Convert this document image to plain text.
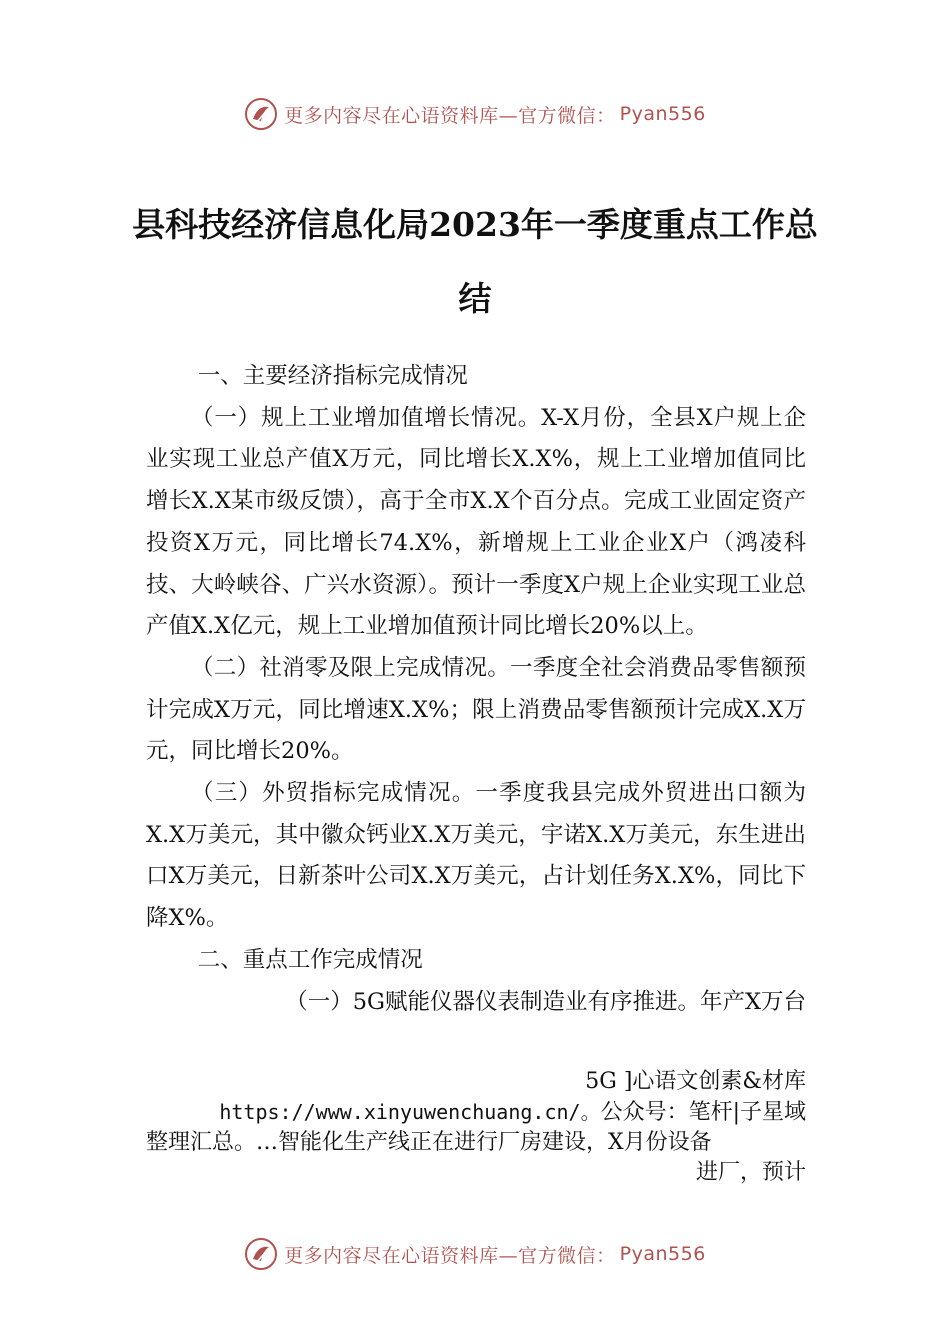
更多内容尽在心语资料库—官方微信： Pyan556
县科技经济信息化局2023年一季度重点工作总结

一、主要经济指标完成情况

（一）规上工业增加值增长情况。X-X月份，全县X户规上企业实现工业总产值X万元，同比增长X.X%，规上工业增加值同比增长X.X某市级反馈），高于全市X.X个百分点。完成工业固定资产投资X万元，同比增长74.X%，新增规上工业企业X户（鸿凌科技、大岭峡谷、广兴水资源）。预计一季度X户规上企业实现工业总产值X.X亿元，规上工业增加值预计同比增长20%以上。

（二）社消零及限上完成情况。一季度全社会消费品零售额预计完成X万元，同比增速X.X%；限上消费品零售额预计完成X.X万元，同比增长20%。

（三）外贸指标完成情况。一季度我县完成外贸进出口额为X.X万美元，其中徽众钙业X.X万美元，宇诺X.X万美元，东生进出口X万美元，日新茶叶公司X.X万美元，占计划任务X.X%，同比下降X%。

二、重点工作完成情况

（一）5G赋能仪器仪表制造业有序推进。年产X万台

5G ]心语文创素&材库
https://www.xinyuwenchuang.cn/。公众号：笔杆|子星域
整理汇总。…智能化生产线正在进行厂房建设，X月份设备
进厂，预计
更多内容尽在心语资料库—官方微信： Pyan556
